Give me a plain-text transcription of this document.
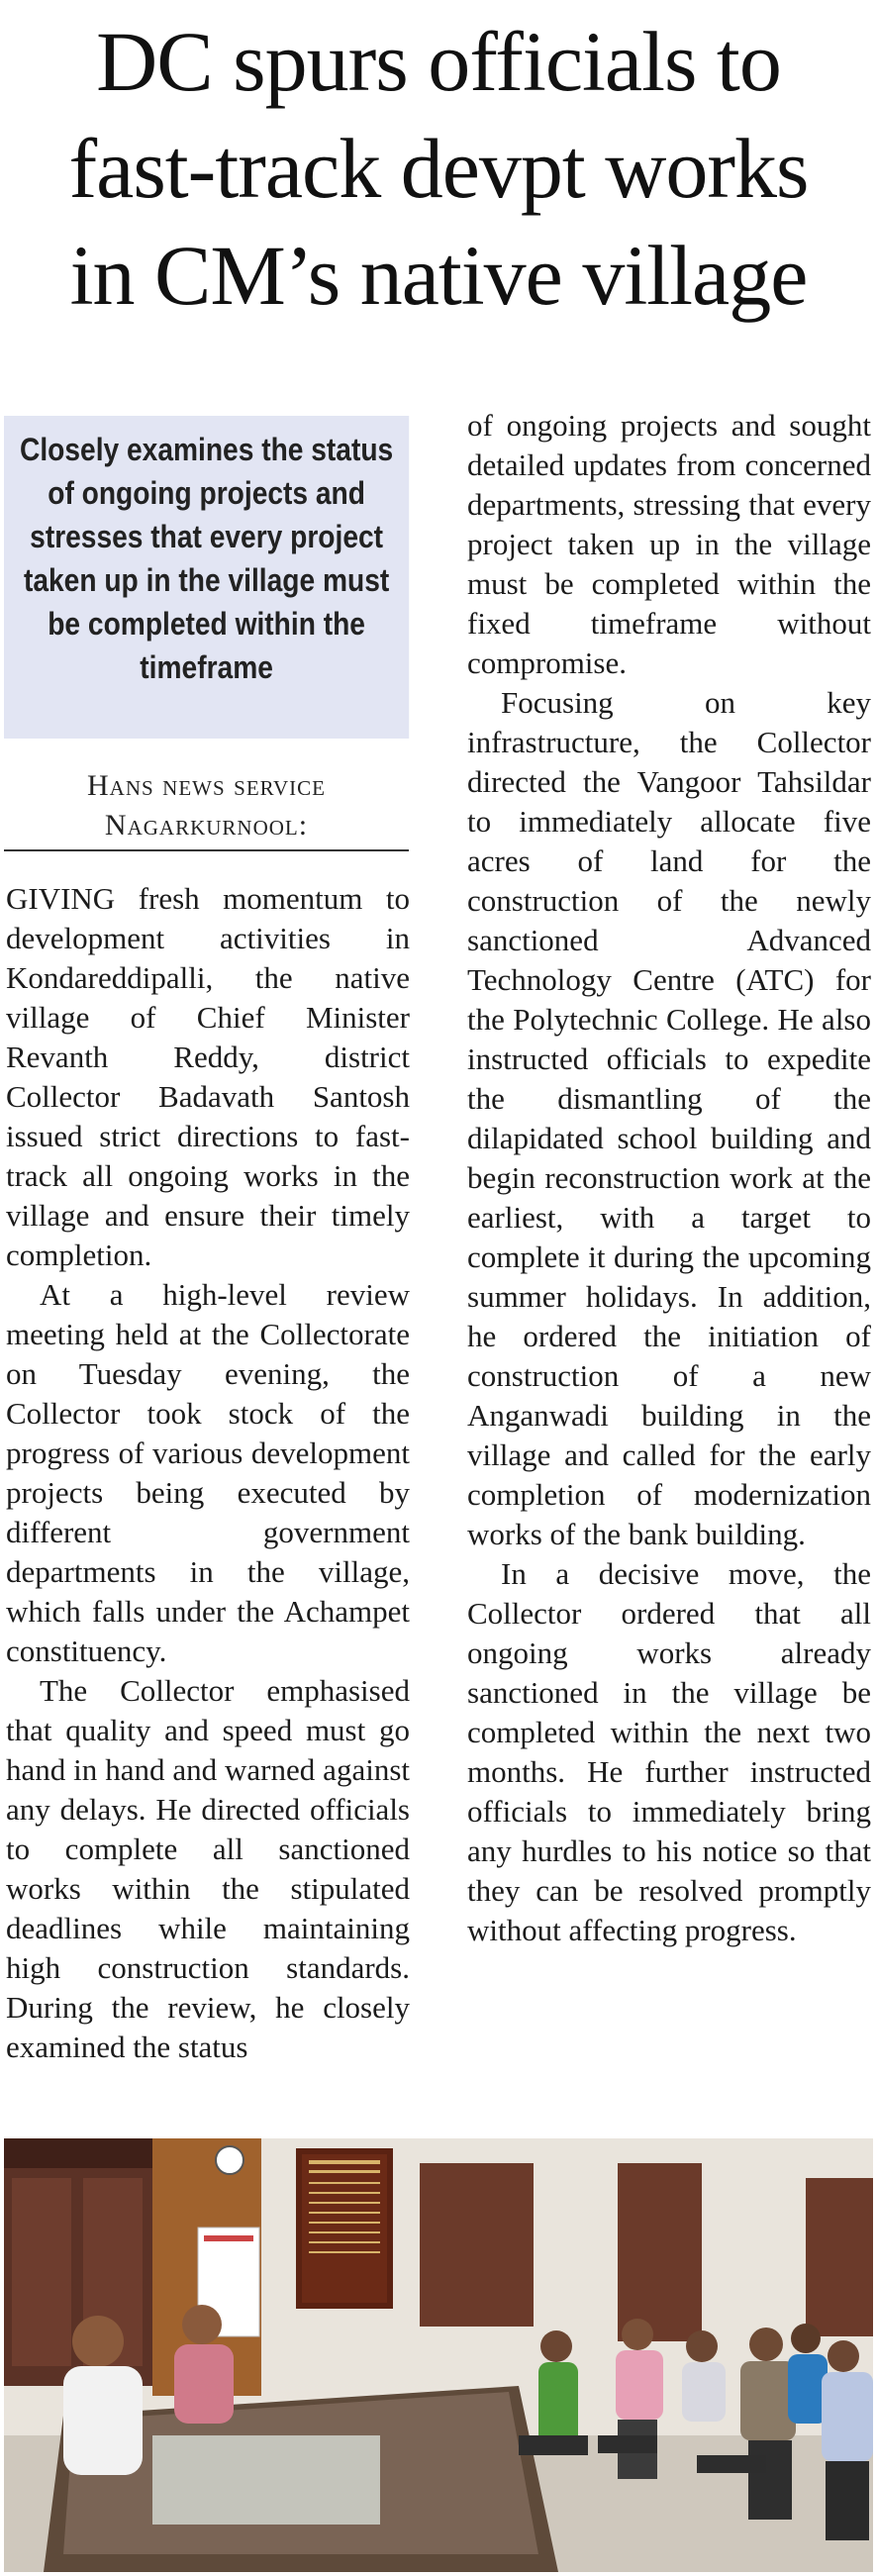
DC spurs officials to
fast-track devpt works
in CM’s native village
Closely examines the status of ongoing projects and stresses that every project taken up in the village must be completed within the timeframe
Hans news service
Nagarkurnool:

GIVING fresh momentum to development activities in Kondareddipalli, the native village of Chief Minister Revanth Reddy, district Collector Badavath Santosh issued strict directions to fast-track all ongoing works in the village and ensure their timely completion.

At a high-level review meeting held at the Collectorate on Tuesday evening, the Collector took stock of the progress of various development projects being executed by different government departments in the village, which falls under the Achampet constituency.

The Collector emphasised that quality and speed must go hand in hand and warned against any delays. He directed officials to complete all sanctioned works within the stipulated deadlines while maintaining high construction standards. During the review, he closely examined the status

of ongoing projects and sought detailed updates from concerned departments, stressing that every project taken up in the village must be completed within the fixed timeframe without compromise.

Focusing on key infrastructure, the Collector directed the Vangoor Tahsildar to immediately allocate five acres of land for the construction of the newly sanctioned Advanced Technology Centre (ATC) for the Polytechnic College. He also instructed officials to expedite the dismantling of the dilapidated school building and begin reconstruction work at the earliest, with a target to complete it during the upcoming summer holidays. In addition, he ordered the initiation of construction of a new Anganwadi building in the village and called for the early completion of modernization works of the bank building.

In a decisive move, the Collector ordered that all ongoing works already sanctioned in the village be completed within the next two months. He further instructed officials to immediately bring any hurdles to his notice so that they can be resolved promptly without affecting progress.
